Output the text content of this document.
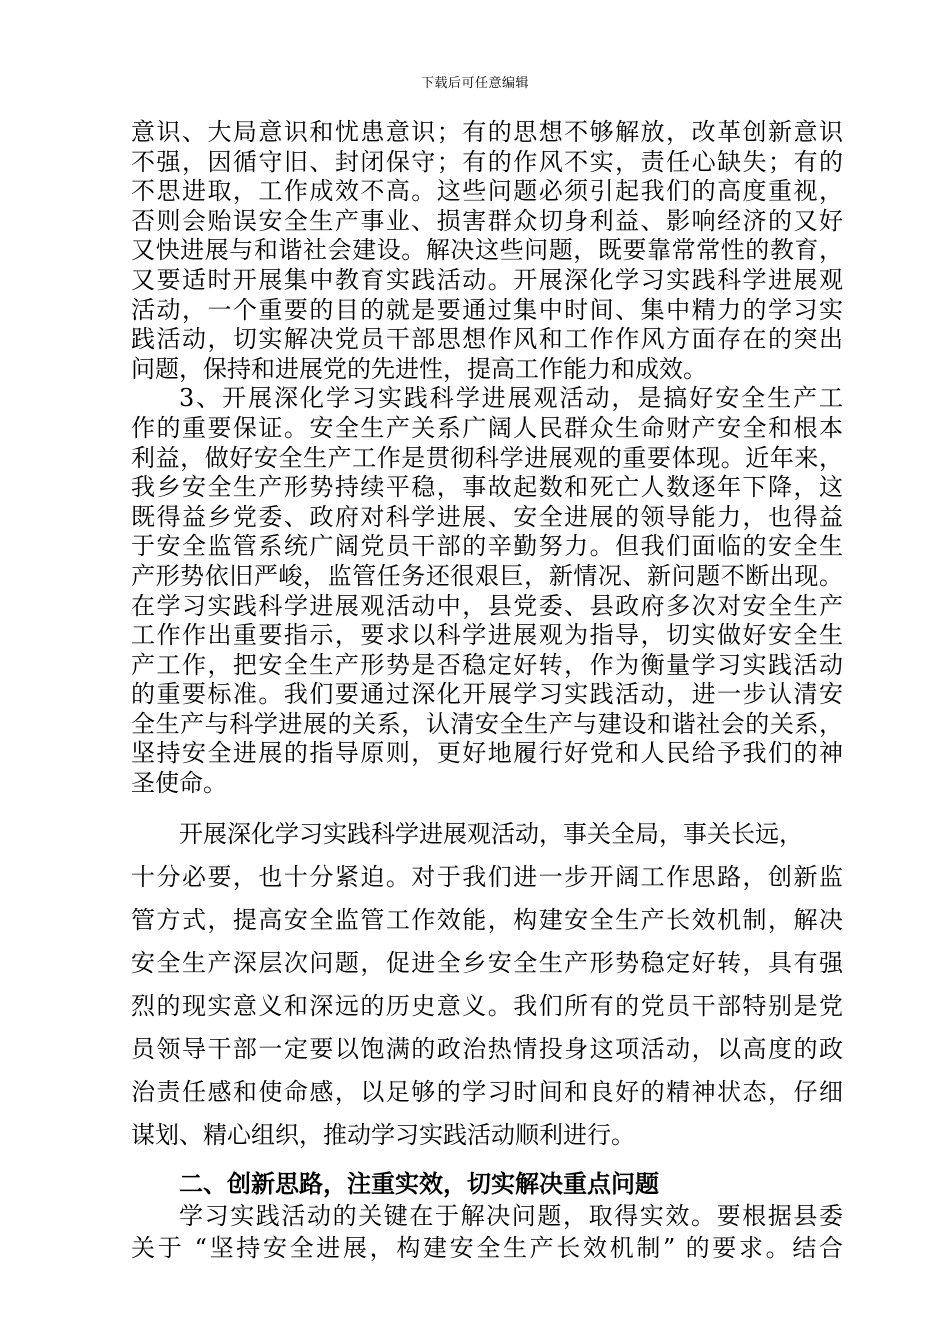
下载后可任意编辑
意识、大局意识和忧患意识；有的思想不够解放，改革创新意识
不强，因循守旧、封闭保守；有的作风不实，责任心缺失；有的
不思进取，工作成效不高。这些问题必须引起我们的高度重视，
否则会贻误安全生产事业、损害群众切身利益、影响经济的又好
又快进展与和谐社会建设。解决这些问题，既要靠常常性的教育，
又要适时开展集中教育实践活动。开展深化学习实践科学进展观
活动，一个重要的目的就是要通过集中时间、集中精力的学习实
践活动，切实解决党员干部思想作风和工作作风方面存在的突出
问题，保持和进展党的先进性，提高工作能力和成效。
3、开展深化学习实践科学进展观活动，是搞好安全生产工
作的重要保证。安全生产关系广阔人民群众生命财产安全和根本
利益，做好安全生产工作是贯彻科学进展观的重要体现。近年来，
我乡安全生产形势持续平稳，事故起数和死亡人数逐年下降，这
既得益乡党委、政府对科学进展、安全进展的领导能力，也得益
于安全监管系统广阔党员干部的辛勤努力。但我们面临的安全生
产形势依旧严峻，监管任务还很艰巨，新情况、新问题不断出现。
在学习实践科学进展观活动中，县党委、县政府多次对安全生产
工作作出重要指示，要求以科学进展观为指导，切实做好安全生
产工作，把安全生产形势是否稳定好转，作为衡量学习实践活动
的重要标准。我们要通过深化开展学习实践活动，进一步认清安
全生产与科学进展的关系，认清安全生产与建设和谐社会的关系，
坚持安全进展的指导原则，更好地履行好党和人民给予我们的神
圣使命。
开展深化学习实践科学进展观活动，事关全局，事关长远，
十分必要，也十分紧迫。对于我们进一步开阔工作思路，创新监
管方式，提高安全监管工作效能，构建安全生产长效机制，解决
安全生产深层次问题，促进全乡安全生产形势稳定好转，具有强
烈的现实意义和深远的历史意义。我们所有的党员干部特别是党
员领导干部一定要以饱满的政治热情投身这项活动，以高度的政
治责任感和使命感，以足够的学习时间和良好的精神状态，仔细
谋划、精心组织，推动学习实践活动顺利进行。
二、创新思路，注重实效，切实解决重点问题
学习实践活动的关键在于解决问题，取得实效。要根据县委
关于 “坚持安全进展，构建安全生产长效机制” 的要求。结合
